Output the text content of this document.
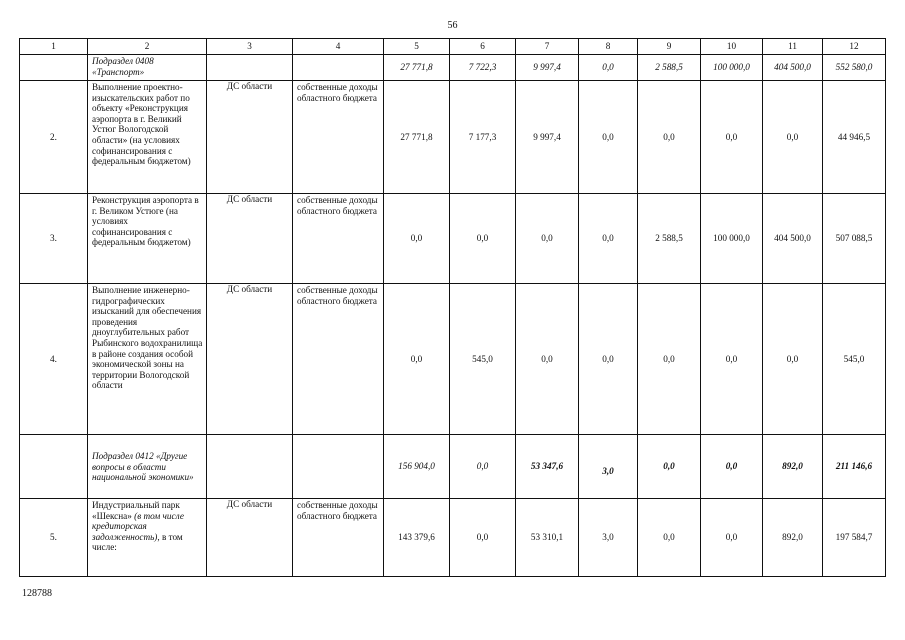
56
1	2	3	4	5	6	7	8	9	10	11	12
	Подраздел 0408 «Транспорт»			27 771,8	7 722,3	9 997,4	0,0	2 588,5	100 000,0	404 500,0	552 580,0
2.	Выполнение проектно-изыскательских работ по объекту «Реконструкция аэропорта в г. Великий Устюг Вологодской области» (на условиях софинансирования с федеральным бюджетом)	ДС области	собственные доходы областного бюджета	27 771,8	7 177,3	9 997,4	0,0	0,0	0,0	0,0	44 946,5
3.	Реконструкция аэропорта в г. Великом Устюге (на условиях софинансирования с федеральным бюджетом)	ДС области	собственные доходы областного бюджета	0,0	0,0	0,0	0,0	2 588,5	100 000,0	404 500,0	507 088,5
4.	Выполнение инженерно-гидрографических изысканий для обеспечения проведения дноуглубительных работ Рыбинского водохранилища в районе создания особой экономической зоны на территории Вологодской области	ДС области	собственные доходы областного бюджета	0,0	545,0	0,0	0,0	0,0	0,0	0,0	545,0
	Подраздел 0412 «Другие вопросы в области национальной экономики»			156 904,0	0,0	53 347,6	3,0	0,0	0,0	892,0	211 146,6
5.	Индустриальный парк «Шексна» (в том числе кредиторская задолженность), в том числе:	ДС области	собственные доходы областного бюджета	143 379,6	0,0	53 310,1	3,0	0,0	0,0	892,0	197 584,7
128788
